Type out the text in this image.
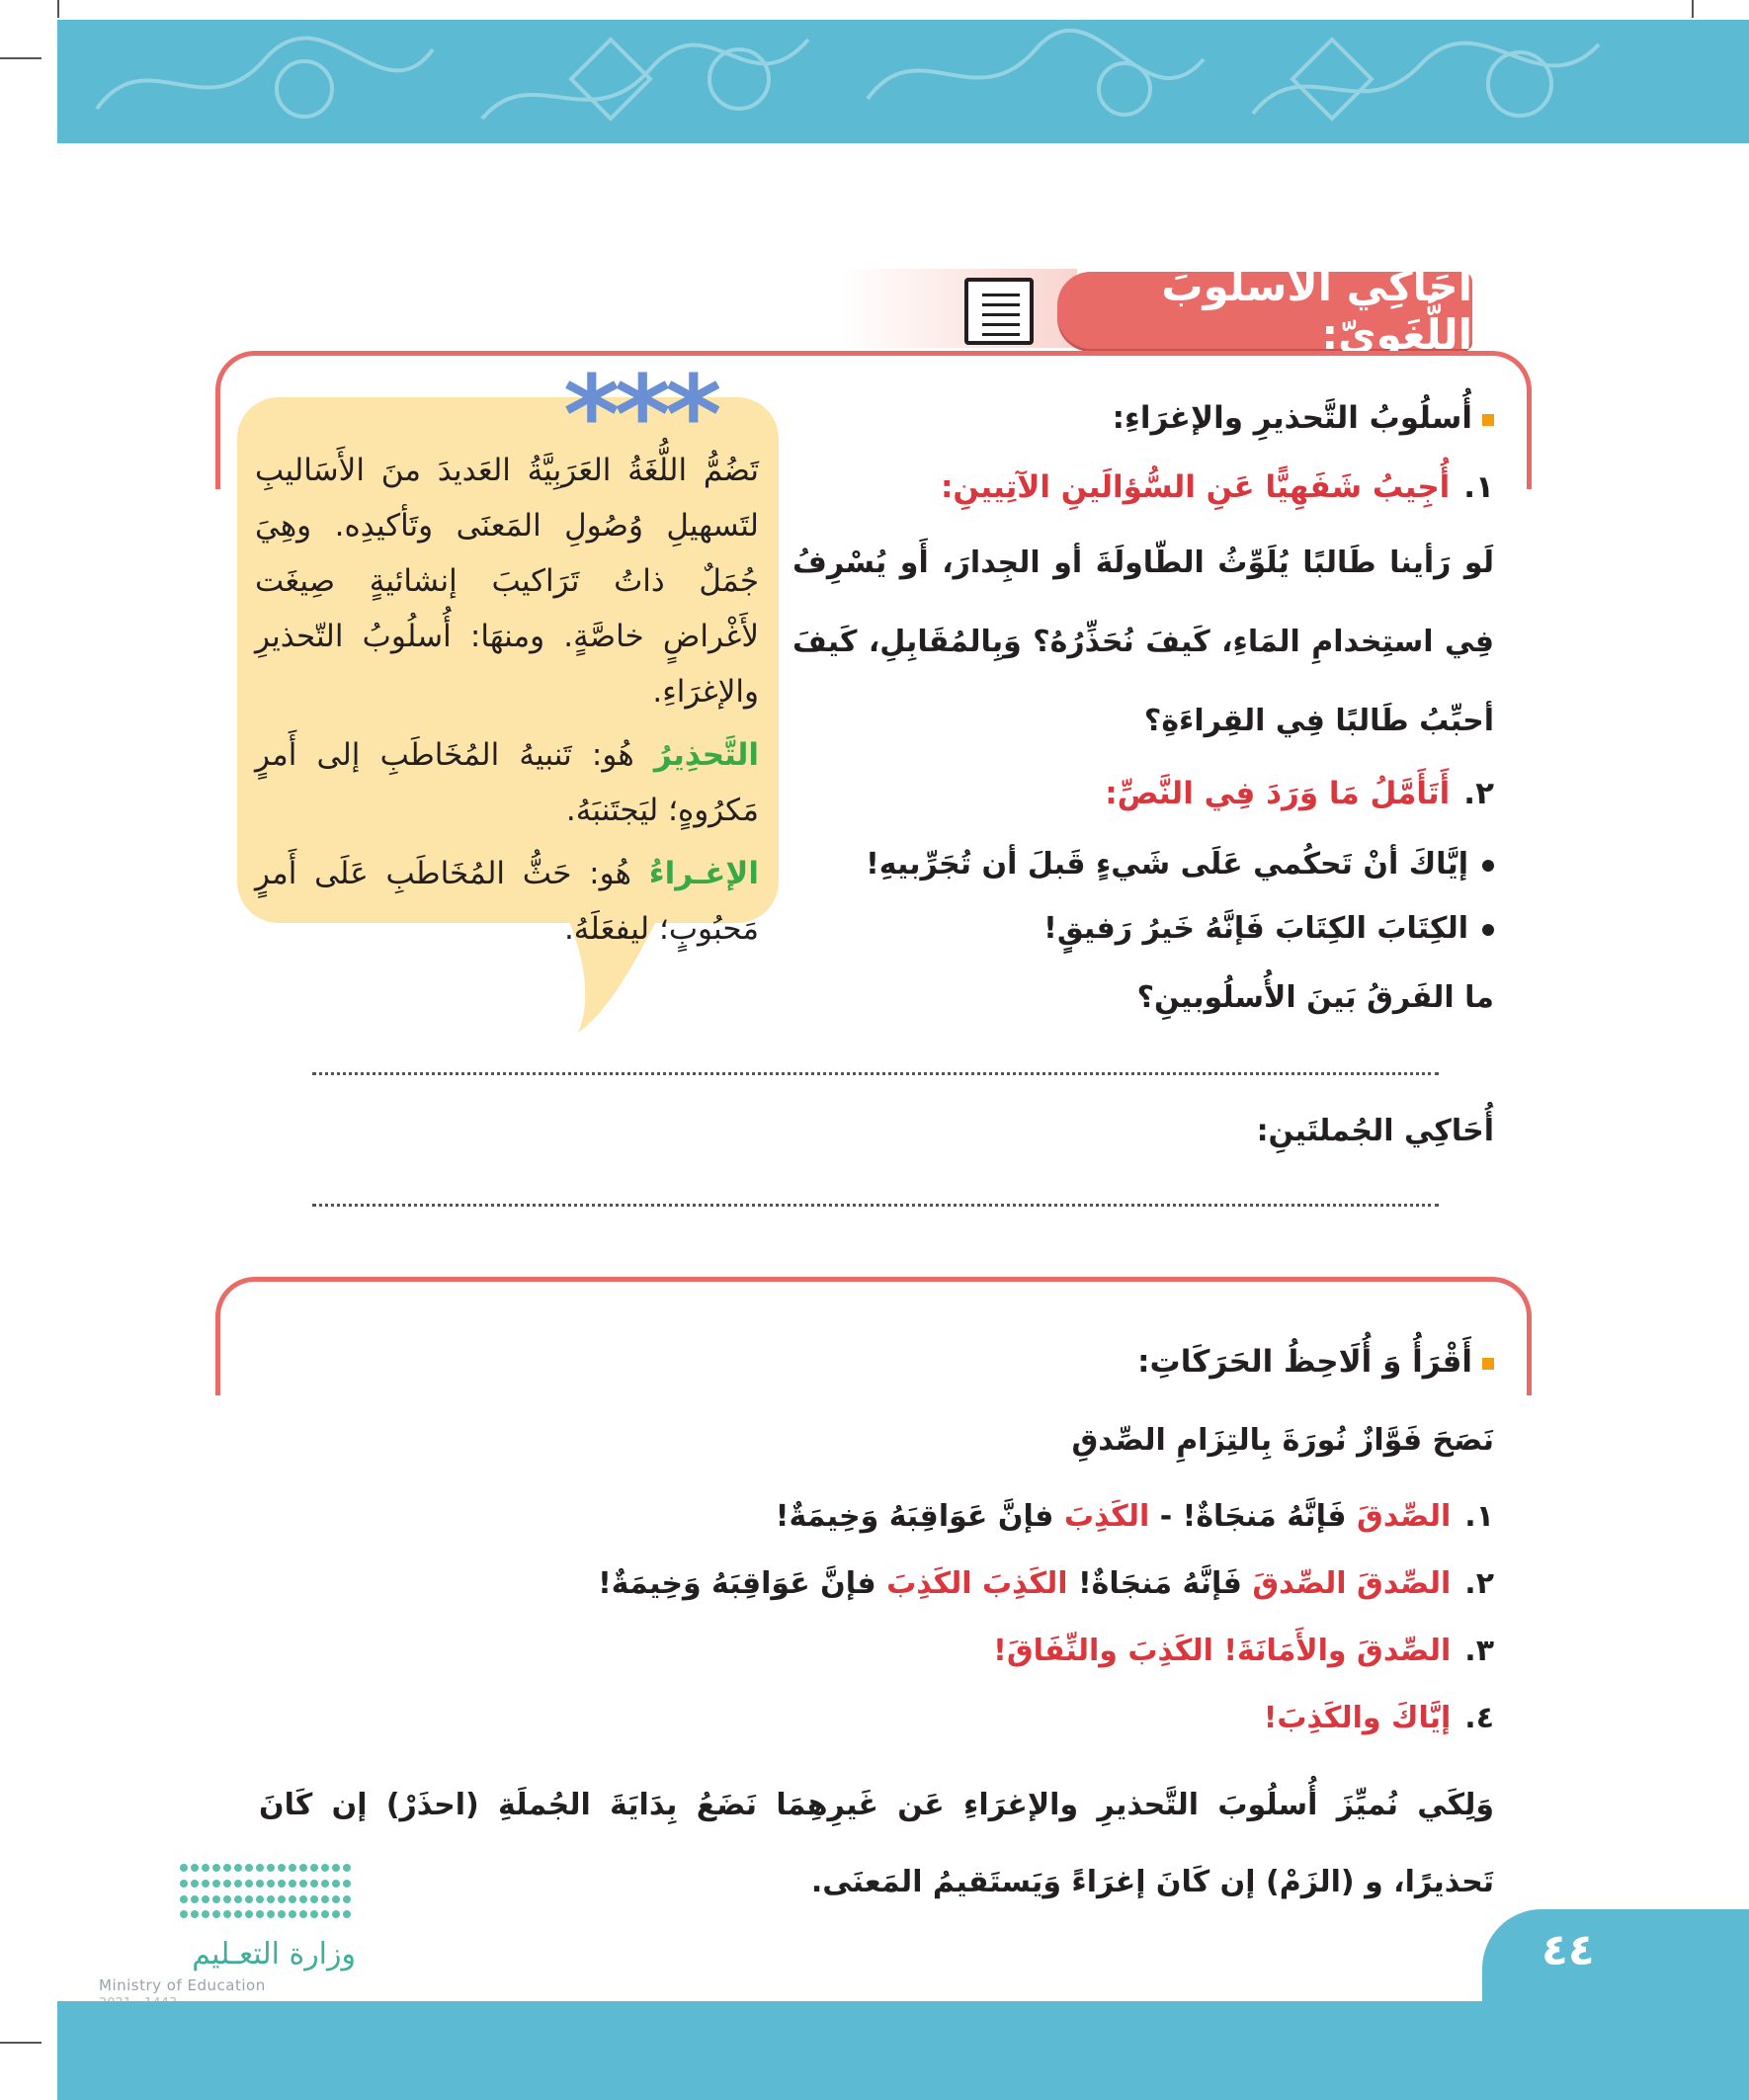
أُحَاكِي الأُسلُوبَ اللُّغَويّ:
***

تَضُمُّ اللُّغَةُ العَرَبِيَّةُ العَديدَ منَ الأَسَاليبِ لتَسهيلِ وُصُولِ المَعنَى وتَأكيدِه. وهِيَ جُمَلٌ ذاتُ تَرَاكيبَ إنشائيةٍ صِيغَت لأَغْراضٍ خاصَّةٍ. ومنهَا: أُسلُوبُ التّحذيرِ والإغرَاءِ.

التَّحذِيرُ هُو: تَنبيهُ المُخَاطَبِ إلى أَمرٍ مَكرُوهٍ؛ ليَجتَنبَهُ.

الإغـراءُ هُو: حَثُّ المُخَاطَبِ عَلَى أَمرٍ مَحبُوبٍ؛ ليفعَلَهُ.

أُسلُوبُ التَّحذيرِ والإغرَاءِ:
١.أُجِيبُ شَفَهِيًّا عَنِ السُّؤالَينِ الآتِيينِ:
لَو رَأينا طَالبًا يُلَوِّثُ الطّاولَةَ أو الجِدارَ، أَو يُسْرِفُ فِي استِخدامِ المَاءِ، كَيفَ نُحَذِّرُهُ؟ وَبِالمُقَابِلِ، كَيفَ أحبِّبُ طَالبًا فِي القِراءَةِ؟
٢.أَتَأَمَّلُ مَا وَرَدَ فِي النَّصِّ:
إيَّاكَ أنْ تَحكُمي عَلَى شَيءٍ قَبلَ أن تُجَرِّبيهِ!
الكِتَابَ الكِتَابَ فَإنَّهُ خَيرُ رَفيقٍ!
ما الفَرقُ بَينَ الأُسلُوبينِ؟
أُحَاكِي الجُملتَينِ:
أَقْرَأُ وَ أُلَاحِظُ الحَرَكَاتِ:
نَصَحَ فَوَّازٌ نُورَةَ بِالتِزَامِ الصِّدقِ
١.الصِّدقَ فَإنَّهُ مَنجَاةٌ! - الكَذِبَ فإنَّ عَوَاقِبَهُ وَخِيمَةٌ!
٢.الصِّدقَ الصِّدقَ فَإنَّهُ مَنجَاةٌ! الكَذِبَ الكَذِبَ فإنَّ عَوَاقِبَهُ وَخِيمَةٌ!
٣.الصِّدقَ والأَمَانَةَ! الكَذِبَ والنِّفَاقَ!
٤.إيَّاكَ والكَذِبَ!
وَلِكَي نُميِّزَ أُسلُوبَ التَّحذيرِ والإغرَاءِ عَن غَيرِهِمَا نَضَعُ بِدَايَةَ الجُملَةِ (احذَرْ) إن كَانَ تَحذيرًا، و (الزَمْ) إن كَانَ إغرَاءً وَيَستَقيمُ المَعنَى.
وزارة التعـليم
Ministry of Education
٤٤
